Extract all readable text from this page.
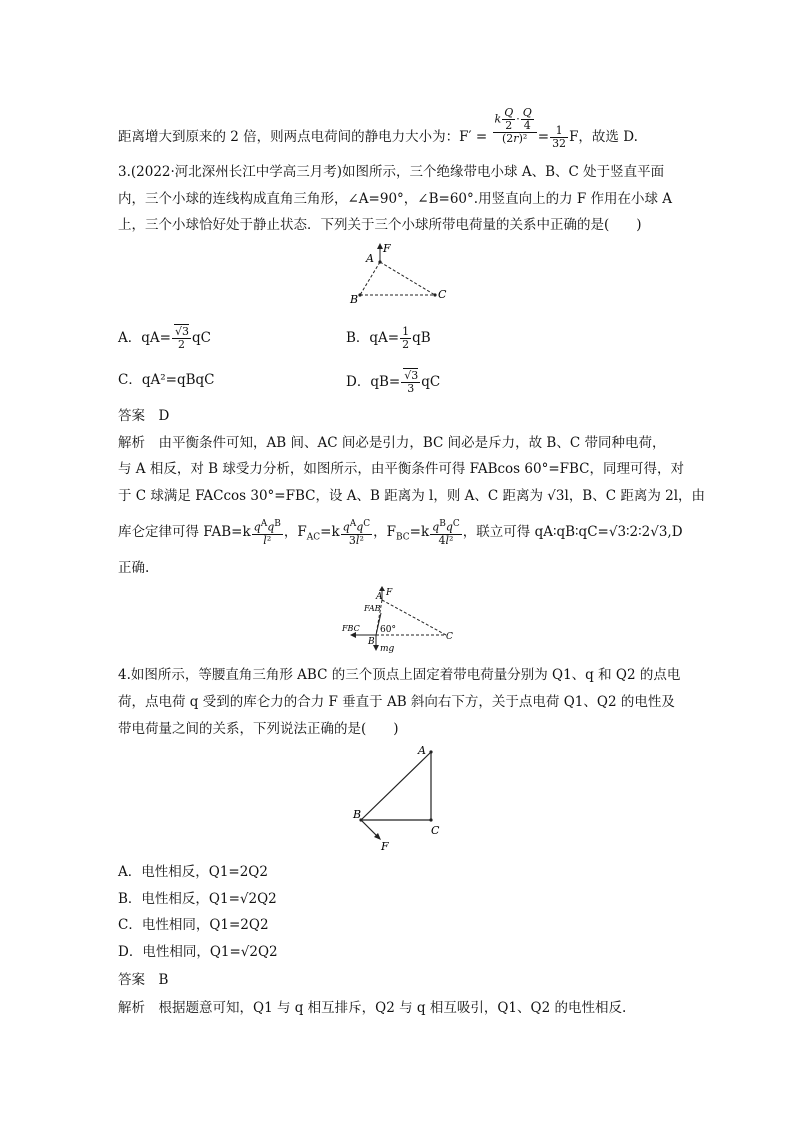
距离增大到原来的 2 倍，则两点电荷间的静电力大小为：$F' = \frac{k \frac{Q}{2} \cdot \frac{Q}{4}}{\text{(2r)²}} = \frac{1}{32}$ F，故选 D.
3.(2022·河北深州长江中学高三月考)如图所示，三个绝缘带电小球 A、B、C 处于竖直平面
内，三个小球的连线构成直角三角形，∠A=90°，∠B=60°.用竖直向上的力 F 作用在小球 A
上，三个小球恰好处于静止状态．下列关于三个小球所带电荷量的关系中正确的是(　　)
A
F
B	C
A．$qA= \frac{√3}{2}$ qC	B．$qA= \frac{1}{2}$ qB
C．qA²=qBqC	D．$qB= \frac{√3}{3}$ qC
答案　D
解析　由平衡条件可知，AB 间、AC 间必是引力，BC 间必是斥力，故 B、C 带同种电荷，
与 A 相反，对 B 球受力分析，如图所示，由平衡条件可得 FABcos 60°=FBC，同理可得，对
于 C 球满足 FACcos 30°=FBC，设 A、B 距离为 l，则 A、C 距离为 √3l，B、C 距离为 2l，由
库仑定律可得 $FAB=k \frac{q^Aq^B}{\text{l²}}$ ，$F_{AC}=k \frac{q^Aq^C}{\text{3l²}}$ ，$F_{BC}=k \frac{q^Bq^C}{\text{4l²}}$ ，联立可得 qA∶qB∶qC=√3∶2∶2√3,D
正确.
A F
FAB
FBC 60°
B	C
mg
4.如图所示，等腰直角三角形 ABC 的三个顶点上固定着带电荷量分别为 Q1、q 和 Q2 的点电
荷，点电荷 q 受到的库仑力的合力 F 垂直于 AB 斜向右下方，关于点电荷 Q1、Q2 的电性及
带电荷量之间的关系，下列说法正确的是(　　)
A
B
C
F
A．电性相反，Q1=2Q2
B．电性相反，Q1=√2Q2
C．电性相同，Q1=2Q2
D．电性相同，Q1=√2Q2
答案　B
解析　根据题意可知，Q1 与 q 相互排斥，Q2 与 q 相互吸引，Q1、Q2 的电性相反.
